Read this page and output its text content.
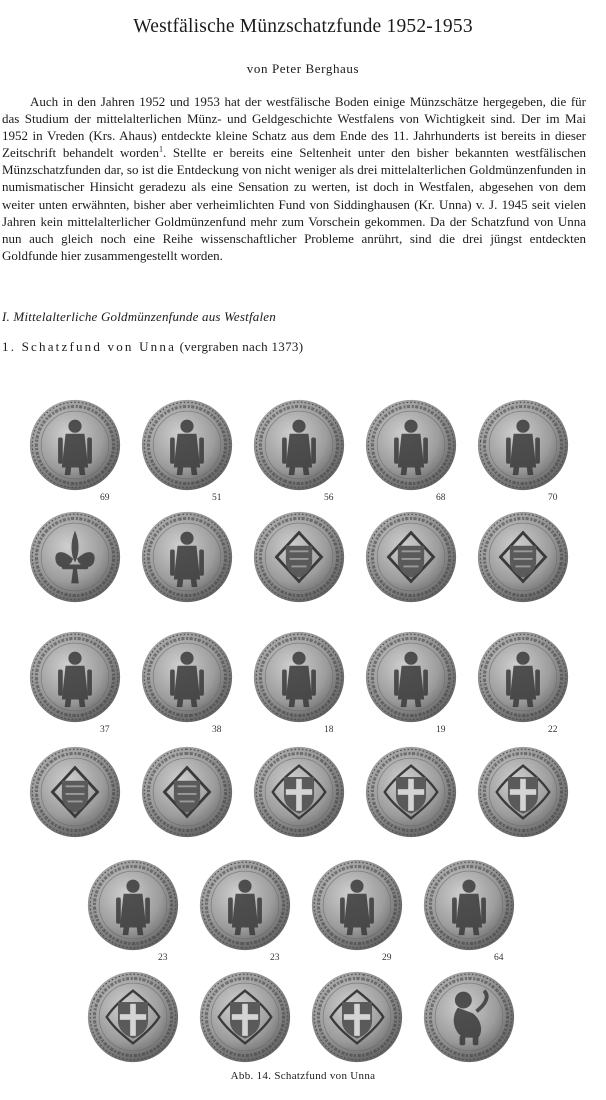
Westfälische Münzschatzfunde 1952-1953
von Peter Berghaus

Auch in den Jahren 1952 und 1953 hat der westfälische Boden einige Münzschätze hergegeben, die für das Studium der mittelalterlichen Münz- und Geldgeschichte Westfalens von Wichtigkeit sind. Der im Mai 1952 in Vreden (Krs. Ahaus) entdeckte kleine Schatz aus dem Ende des 11. Jahrhunderts ist bereits in dieser Zeitschrift behandelt worden$^1$. Stellte er bereits eine Seltenheit unter den bisher bekannten westfälischen Münzschatzfunden dar, so ist die Entdeckung von nicht weniger als drei mittelalterlichen Goldmünzenfunden in numismatischer Hinsicht geradezu als eine Sensation zu werten, ist doch in Westfalen, abgesehen von dem weiter unten erwähnten, bisher aber verheimlichten Fund von Siddinghausen (Kr. Unna) v. J. 1945 seit vielen Jahren kein mittelalterlicher Goldmünzenfund mehr zum Vorschein gekommen. Da der Schatzfund von Unna nun auch gleich noch eine Reihe wissenschaftlicher Probleme anrührt, sind die drei jüngst entdeckten Goldfunde hier zusammengestellt worden.

I. Mittelalterliche Goldmünzenfunde aus Westfalen
1. Schatzfund von Unna (vergraben nach 1373)
69	51	56	68	70
37	38	18	19	22
23	23	29	64
Abb. 14. Schatzfund von Unna
